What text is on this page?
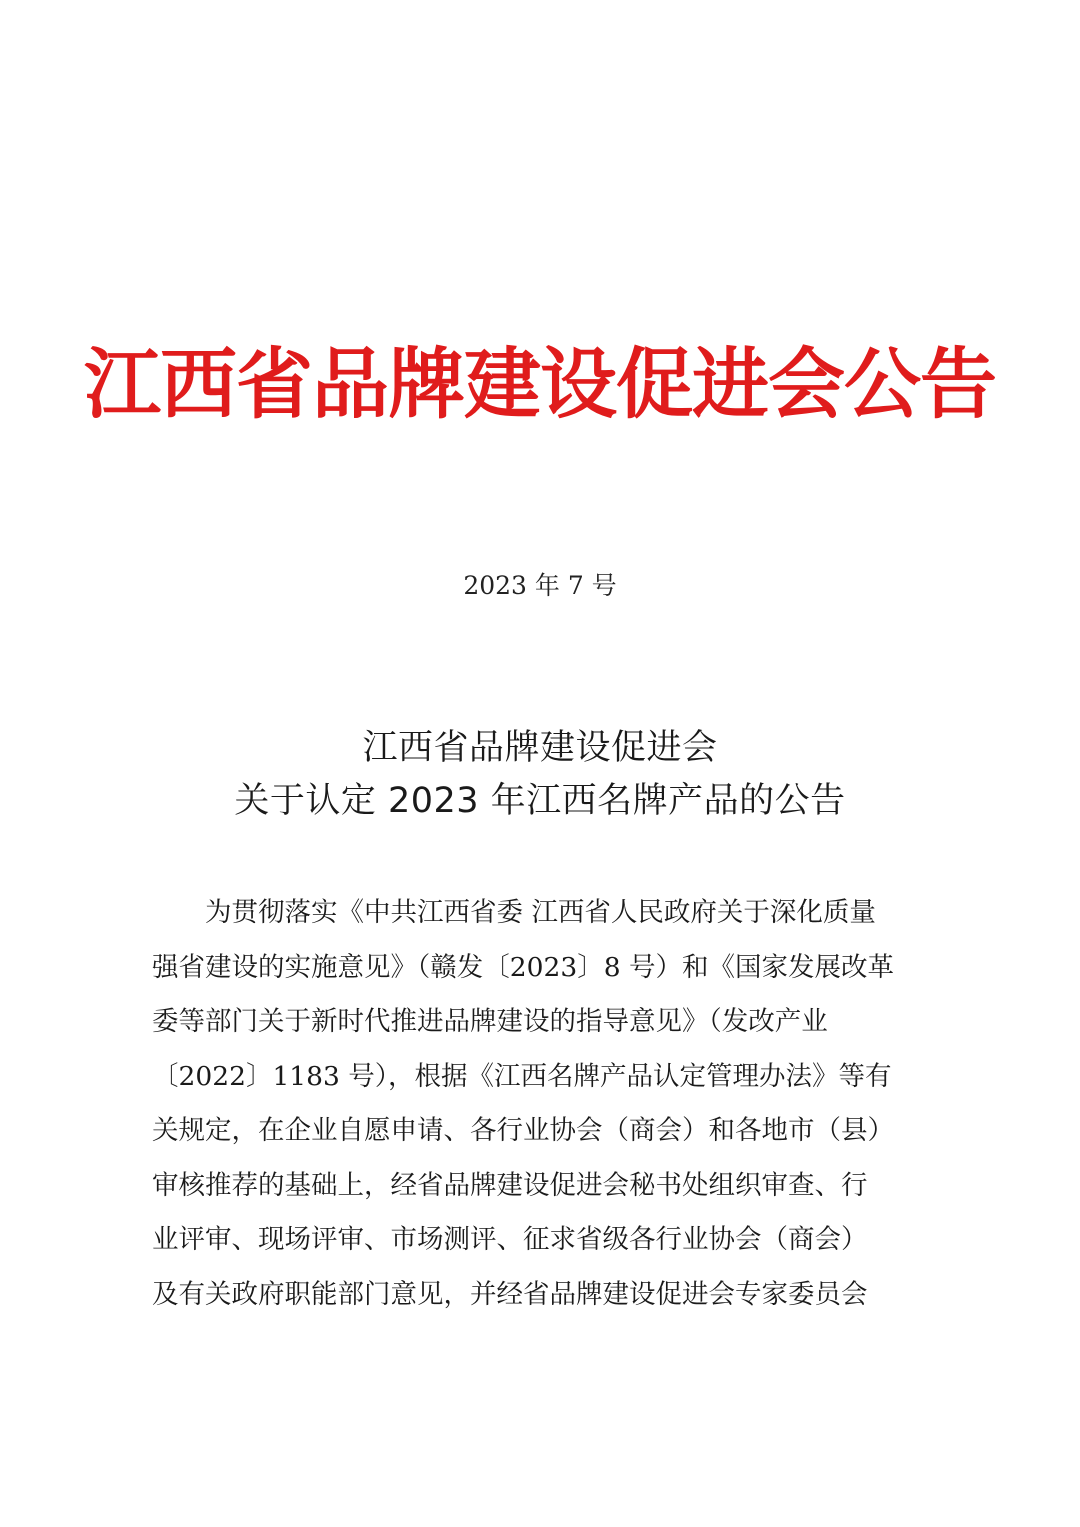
江西省品牌建设促进会公告
2023 年 7 号
江西省品牌建设促进会
关于认定 2023 年江西名牌产品的公告
为贯彻落实《中共江西省委 江西省人民政府关于深化质量
强省建设的实施意见》（赣发〔2023〕8 号）和《国家发展改革
委等部门关于新时代推进品牌建设的指导意见》（发改产业
〔2022〕1183 号），根据《江西名牌产品认定管理办法》等有
关规定，在企业自愿申请、各行业协会（商会）和各地市（县）
审核推荐的基础上，经省品牌建设促进会秘书处组织审查、行
业评审、现场评审、市场测评、征求省级各行业协会（商会）
及有关政府职能部门意见，并经省品牌建设促进会专家委员会
